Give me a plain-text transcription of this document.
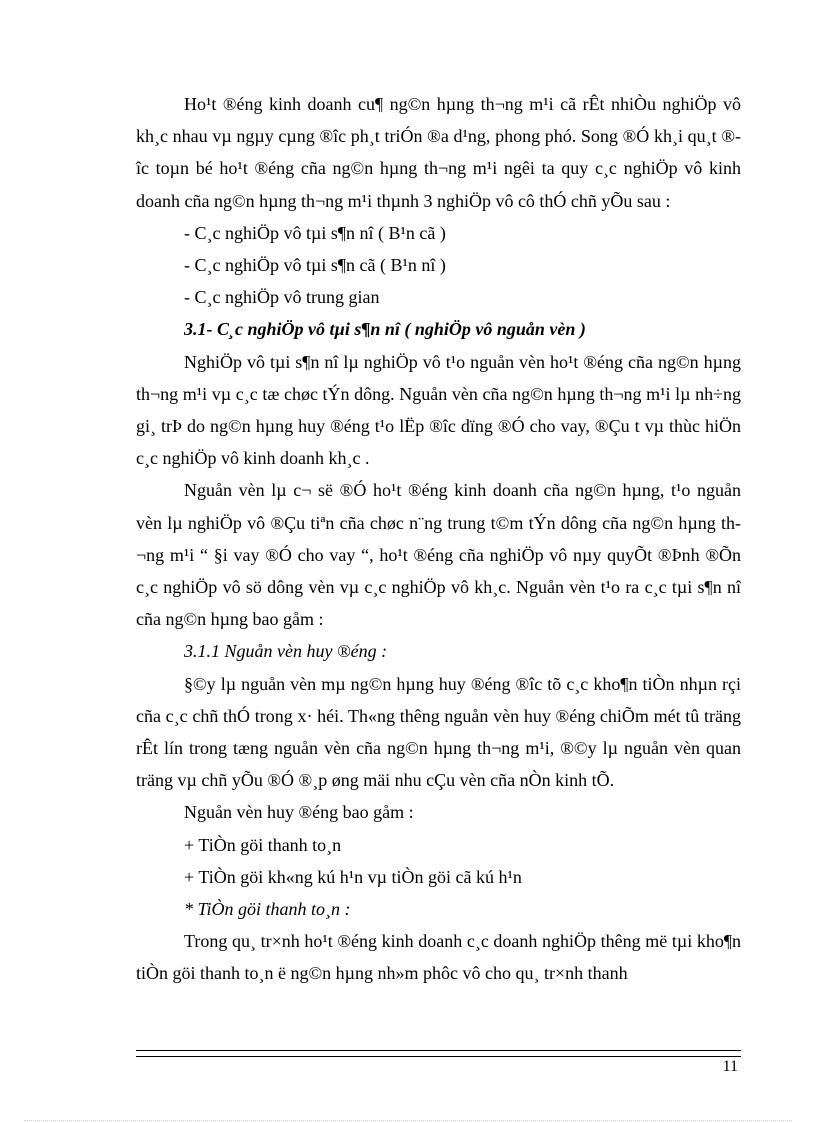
Ho¹t ®éng kinh doanh cu¶ ng©n hµng th¬ng m¹i cã rÊt nhiÒu nghiÖp vô kh¸c nhau vµ ngµy cµng ®îc ph¸t triÓn ®a d¹ng, phong phó. Song ®Ó kh¸i qu¸t ®îc toµn bé ho¹t ®éng cña ng©n hµng th¬ng m¹i ngêi ta quy c¸c nghiÖp vô kinh doanh cña ng©n hµng th¬ng m¹i thµnh 3 nghiÖp vô cô thÓ chñ yÕu sau :

- C¸c nghiÖp vô tµi s¶n nî ( B¹n cã )

- C¸c nghiÖp vô tµi s¶n cã ( B¹n nî )

- C¸c nghiÖp vô trung gian

3.1- C¸c nghiÖp vô tµi s¶n nî ( nghiÖp vô nguån vèn )

NghiÖp vô tµi s¶n nî lµ nghiÖp vô t¹o nguån vèn ho¹t ®éng cña ng©n hµng th¬ng m¹i vµ c¸c tæ chøc tÝn dông. Nguån vèn cña ng©n hµng th¬ng m¹i lµ nh÷ng gi¸ trÞ do ng©n hµng huy ®éng t¹o lËp ®îc dïng ®Ó cho vay, ®Çu t vµ thùc hiÖn c¸c nghiÖp vô kinh doanh kh¸c .

Nguån vèn lµ c¬ së ®Ó ho¹t ®éng kinh doanh cña ng©n hµng, t¹o nguån vèn lµ nghiÖp vô ®Çu tiªn cña chøc n¨ng trung t©m tÝn dông cña ng©n hµng th¬ng m¹i “ §i vay ®Ó cho vay “, ho¹t ®éng cña nghiÖp vô nµy quyÕt ®Þnh ®Õn c¸c nghiÖp vô sö dông vèn vµ c¸c nghiÖp vô kh¸c. Nguån vèn t¹o ra c¸c tµi s¶n nî cña ng©n hµng bao gåm :

3.1.1 Nguån vèn huy ®éng :

§©y lµ nguån vèn mµ ng©n hµng huy ®éng ®îc tõ c¸c kho¶n tiÒn nhµn rçi cña c¸c chñ thÓ trong x· héi. Th«ng thêng nguån vèn huy ®éng chiÕm mét tû träng rÊt lín trong tæng nguån vèn cña ng©n hµng th¬ng m¹i, ®©y lµ nguån vèn quan träng vµ chñ yÕu ®Ó ®¸p øng mäi nhu cÇu vèn cña nÒn kinh tÕ.

Nguån vèn huy ®éng bao gåm :

+ TiÒn göi thanh to¸n

+ TiÒn göi kh«ng kú h¹n vµ tiÒn göi cã kú h¹n

* TiÒn göi thanh to¸n :

Trong qu¸ tr×nh ho¹t ®éng kinh doanh c¸c doanh nghiÖp thêng më tµi kho¶n tiÒn göi thanh to¸n ë ng©n hµng nh»m phôc vô cho qu¸ tr×nh thanh

11
